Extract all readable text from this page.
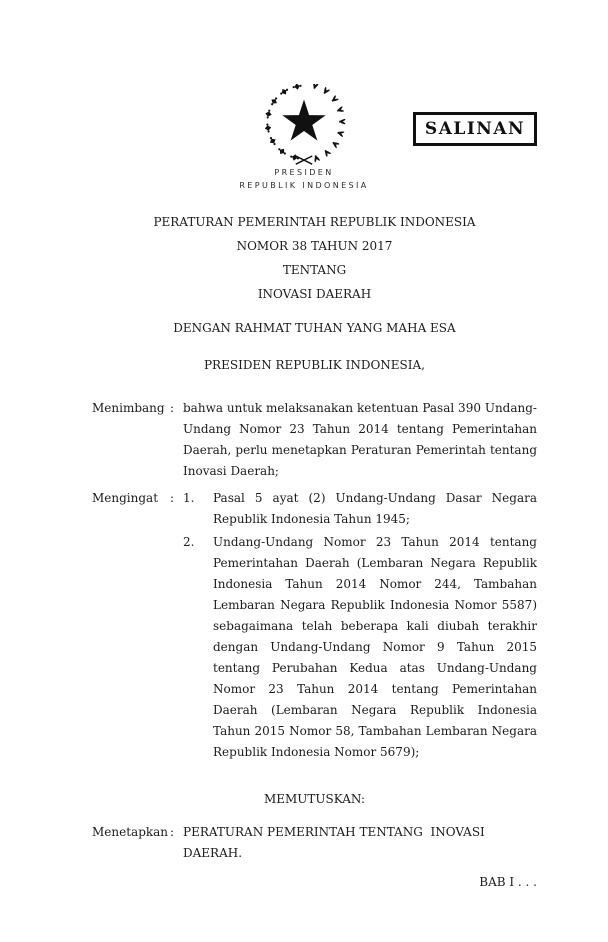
SALINAN
PRESIDEN
REPUBLIK INDONESIA
PERATURAN PEMERINTAH REPUBLIK INDONESIA
NOMOR 38 TAHUN 2017
TENTANG
INOVASI DAERAH
DENGAN RAHMAT TUHAN YANG MAHA ESA
PRESIDEN REPUBLIK INDONESIA,
Menimbang : bahwa untuk melaksanakan ketentuan Pasal 390 Undang-Undang Nomor 23 Tahun 2014 tentang Pemerintahan Daerah, perlu menetapkan Peraturan Pemerintah tentang Inovasi Daerah;
Mengingat : 1.	Pasal 5 ayat (2) Undang-Undang Dasar Negara Republik Indonesia Tahun 1945;
2.	Undang-Undang Nomor 23 Tahun 2014 tentang Pemerintahan Daerah (Lembaran Negara Republik Indonesia Tahun 2014 Nomor 244, Tambahan Lembaran Negara Republik Indonesia Nomor 5587) sebagaimana telah beberapa kali diubah terakhir dengan Undang-Undang Nomor 9 Tahun 2015 tentang Perubahan Kedua atas Undang-Undang Nomor 23 Tahun 2014 tentang Pemerintahan Daerah (Lembaran Negara Republik Indonesia Tahun 2015 Nomor 58, Tambahan Lembaran Negara Republik Indonesia Nomor 5679);
MEMUTUSKAN:
Menetapkan : PERATURAN PEMERINTAH TENTANG  INOVASI DAERAH.
BAB I . . .
